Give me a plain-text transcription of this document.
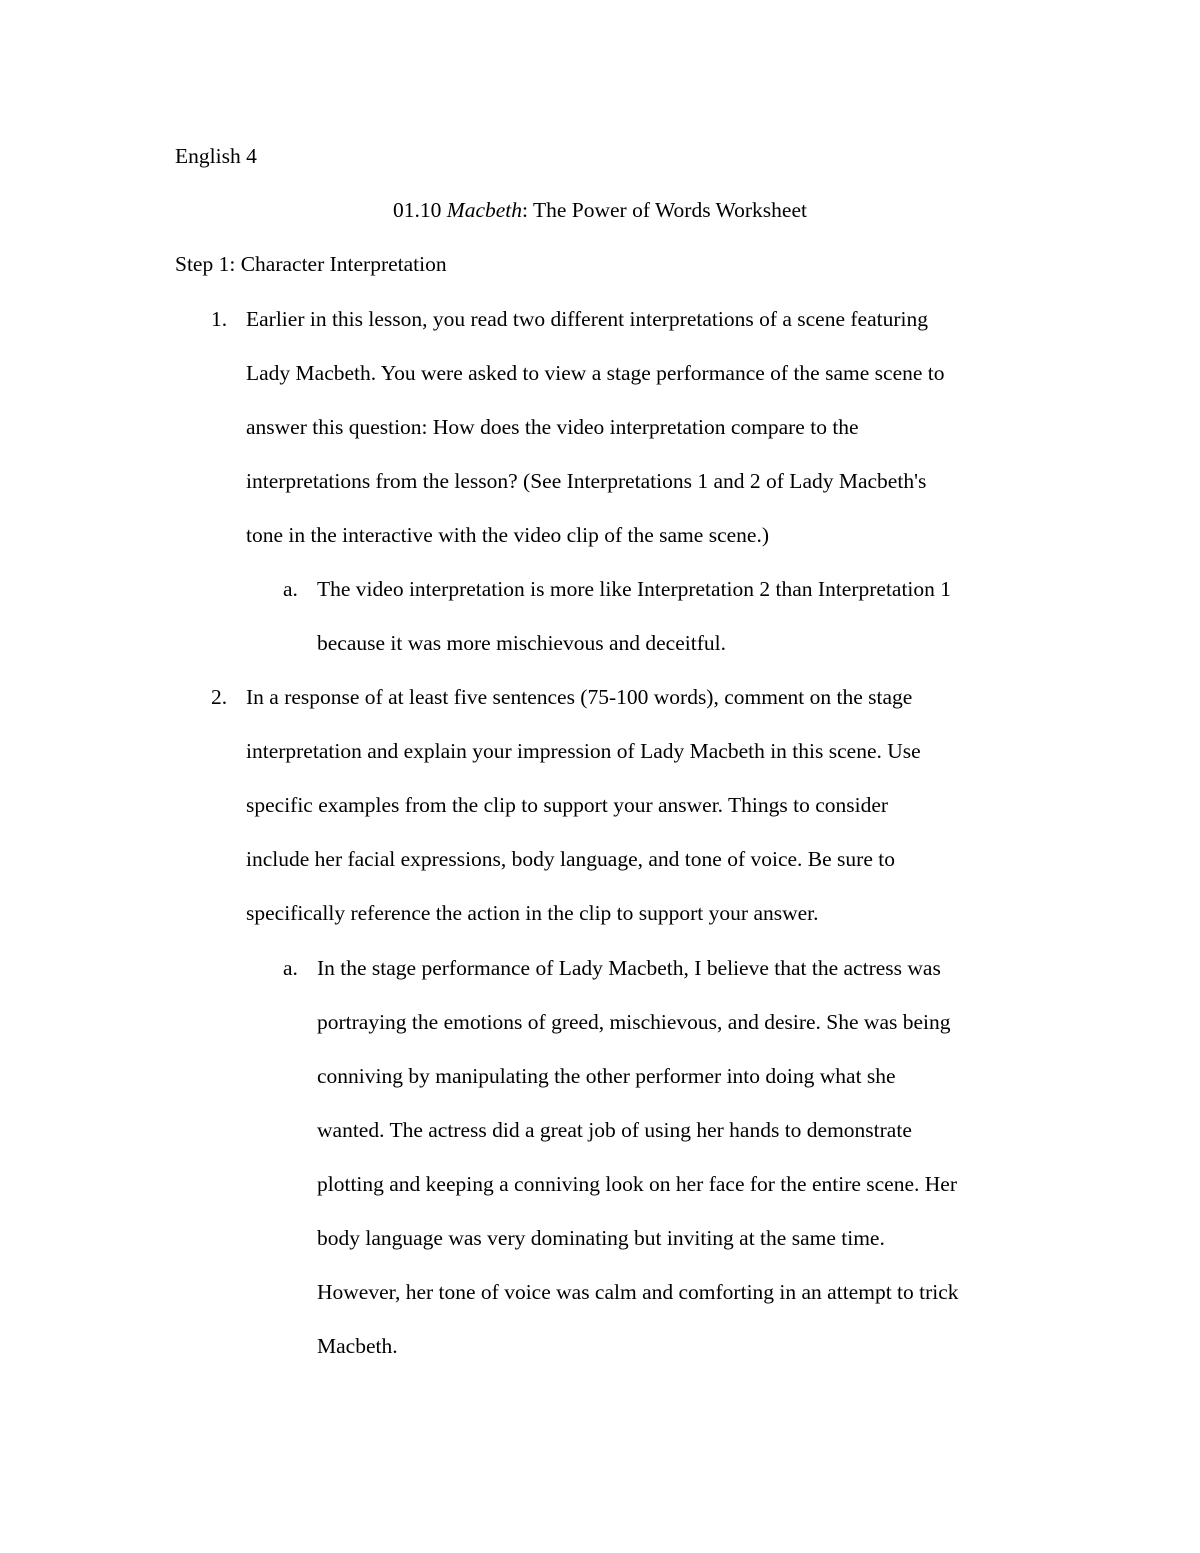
English 4
01.10 Macbeth: The Power of Words Worksheet
Step 1: Character Interpretation
1. Earlier in this lesson, you read two different interpretations of a scene featuring
Lady Macbeth. You were asked to view a stage performance of the same scene to
answer this question: How does the video interpretation compare to the
interpretations from the lesson? (See Interpretations 1 and 2 of Lady Macbeth's
tone in the interactive with the video clip of the same scene.)
a. The video interpretation is more like Interpretation 2 than Interpretation 1
because it was more mischievous and deceitful.
2. In a response of at least five sentences (75-100 words), comment on the stage
interpretation and explain your impression of Lady Macbeth in this scene. Use
specific examples from the clip to support your answer. Things to consider
include her facial expressions, body language, and tone of voice. Be sure to
specifically reference the action in the clip to support your answer.
a. In the stage performance of Lady Macbeth, I believe that the actress was
portraying the emotions of greed, mischievous, and desire. She was being
conniving by manipulating the other performer into doing what she
wanted. The actress did a great job of using her hands to demonstrate
plotting and keeping a conniving look on her face for the entire scene. Her
body language was very dominating but inviting at the same time.
However, her tone of voice was calm and comforting in an attempt to trick
Macbeth.
